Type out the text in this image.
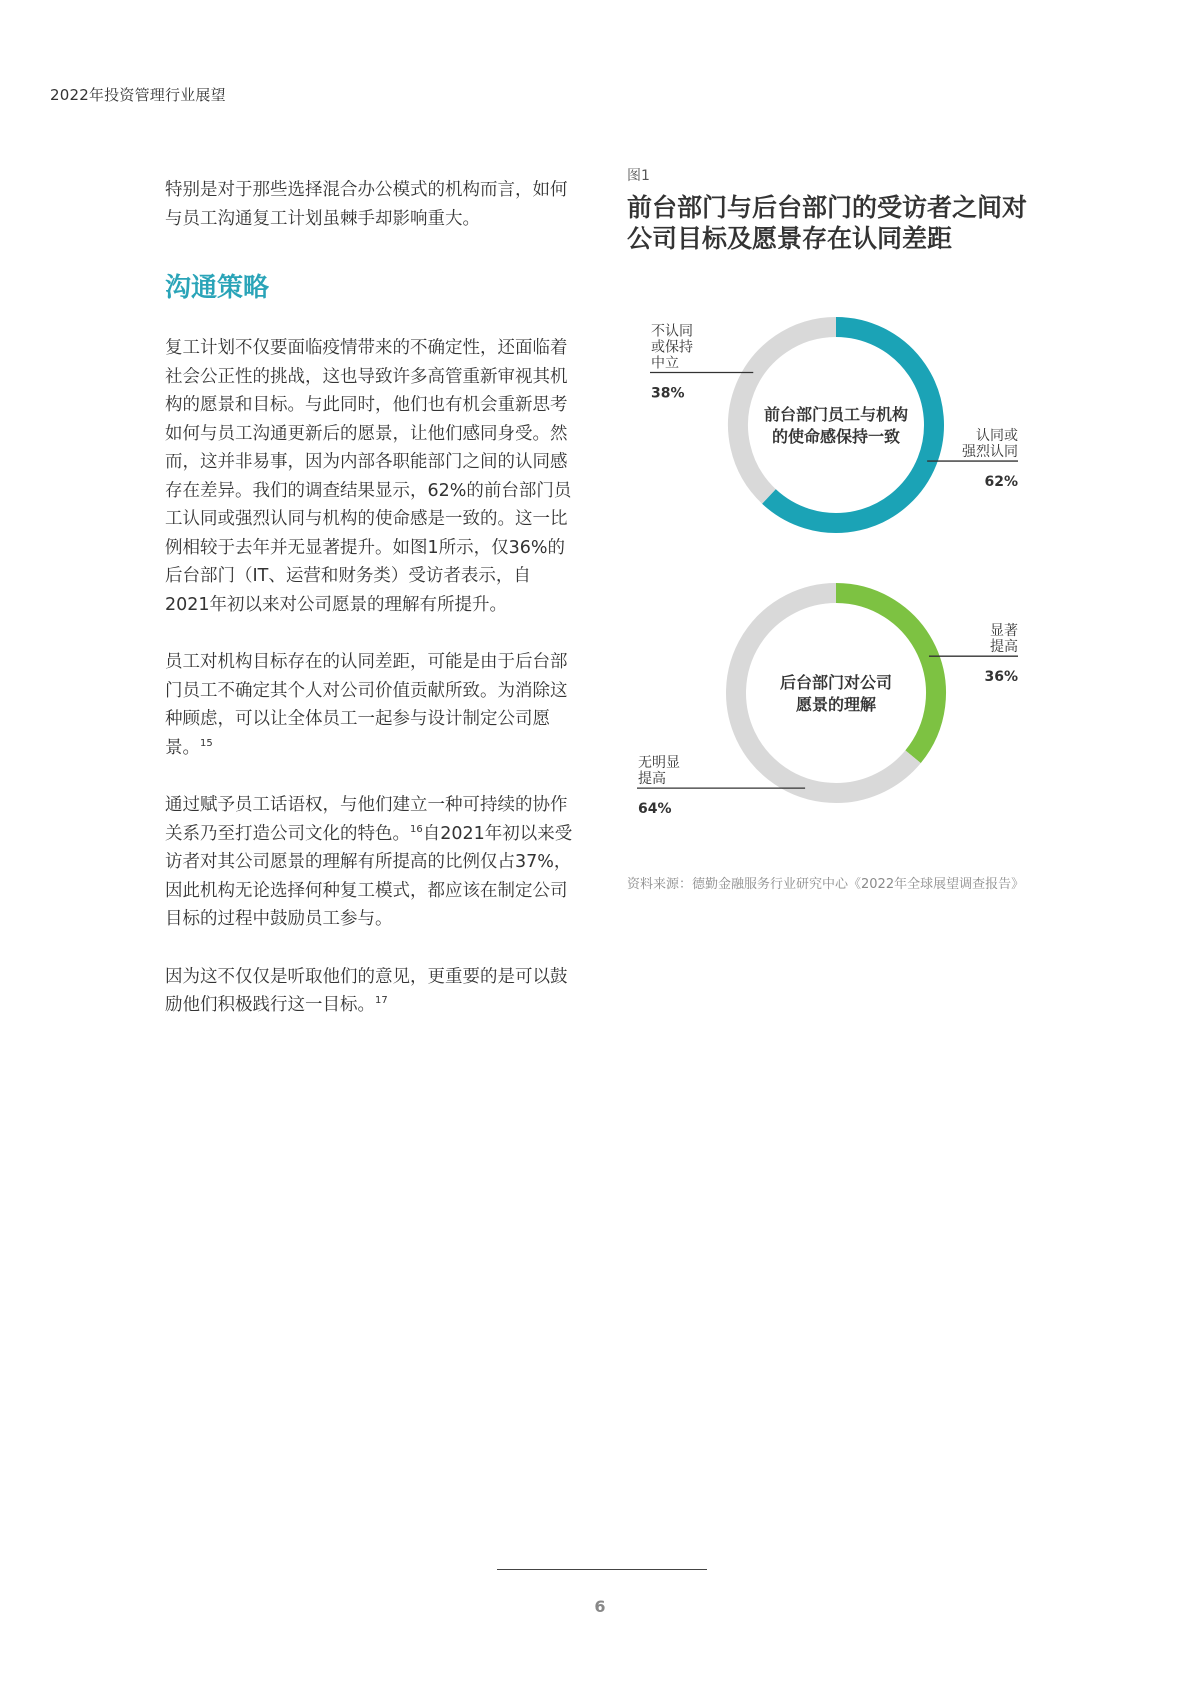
2022年投资管理行业展望

特别是对于那些选择混合办公模式的机构而言，如何与员工沟通复工计划虽棘手却影响重大。

沟通策略

复工计划不仅要面临疫情带来的不确定性，还面临着社会公正性的挑战，这也导致许多高管重新审视其机构的愿景和目标。与此同时，他们也有机会重新思考如何与员工沟通更新后的愿景，让他们感同身受。然而，这并非易事，因为内部各职能部门之间的认同感存在差异。我们的调查结果显示，62%的前台部门员工认同或强烈认同与机构的使命感是一致的。这一比例相较于去年并无显著提升。如图1所示，仅36%的后台部门（IT、运营和财务类）受访者表示，自2021年初以来对公司愿景的理解有所提升。

员工对机构目标存在的认同差距，可能是由于后台部门员工不确定其个人对公司价值贡献所致。为消除这种顾虑，可以让全体员工一起参与设计制定公司愿景。$^{15}$

通过赋予员工话语权，与他们建立一种可持续的协作关系乃至打造公司文化的特色。$^{16}$自2021年初以来受访者对其公司愿景的理解有所提高的比例仅占37%，因此机构无论选择何种复工模式，都应该在制定公司目标的过程中鼓励员工参与。

因为这不仅仅是听取他们的意见，更重要的是可以鼓励他们积极践行这一目标。$^{17}$

图1
前台部门与后台部门的受访者之间对公司目标及愿景存在认同差距
认同或
强烈认同
62%
不认同
或保持
中立
38%
前台部门员工与机构
的使命感保持一致
显著
提高
36%
无明显
提高
64%
后台部门对公司
愿景的理解
资料来源：德勤金融服务行业研究中心《2022年全球展望调查报告》
6
